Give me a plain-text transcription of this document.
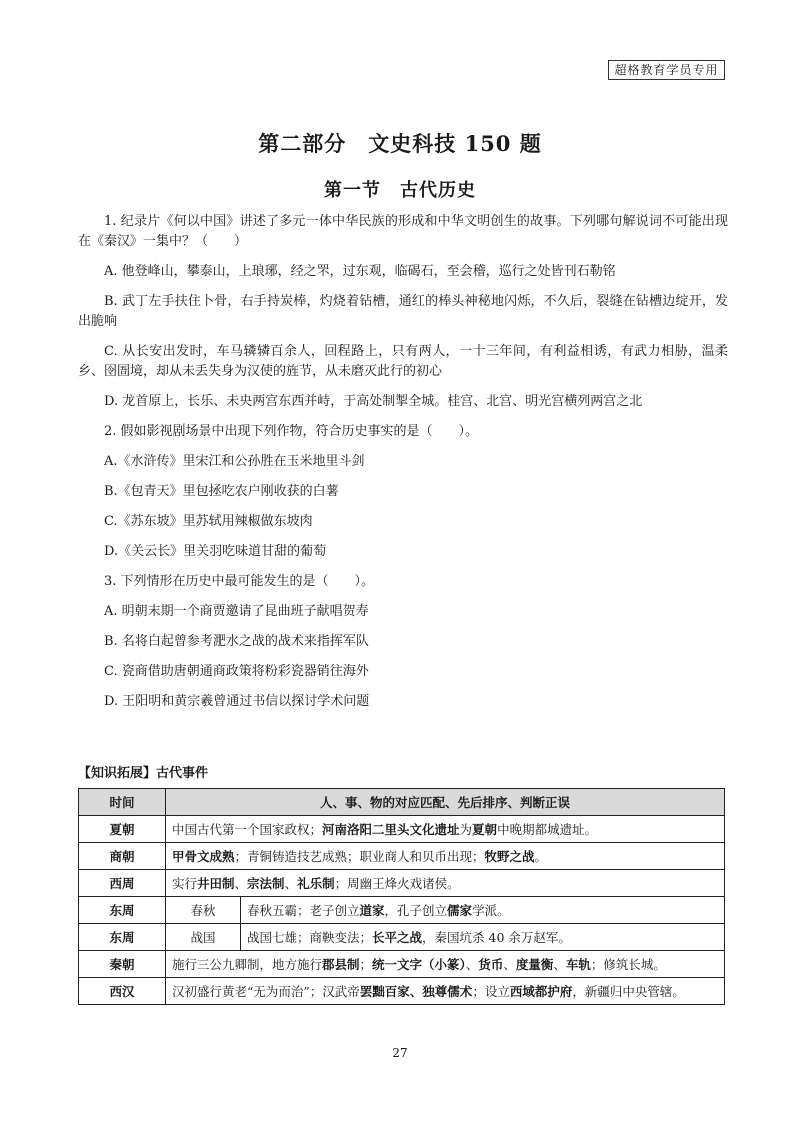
超格教育学员专用
第二部分　文史科技 150 题
第一节　古代历史

1. 纪录片《何以中国》讲述了多元一体中华民族的形成和中华文明创生的故事。下列哪句解说词不可能出现在《秦汉》一集中？（　　）

A. 他登峰山，攀泰山，上琅琊，经之罘，过东观，临碣石，至会稽，巡行之处皆刊石勒铭

B. 武丁左手扶住卜骨，右手持炭棒，灼烧着钻槽，通红的棒头神秘地闪烁，不久后，裂缝在钻槽边绽开，发出脆响

C. 从长安出发时，车马辚辚百余人，回程路上，只有两人，一十三年间，有利益相诱，有武力相胁，温柔乡、囹圄境，却从未丢失身为汉使的旌节，从未磨灭此行的初心

D. 龙首原上，长乐、未央两宫东西并峙，于高处制掣全城。桂宫、北宫、明光宫横列两宫之北

2. 假如影视剧场景中出现下列作物，符合历史事实的是（　　）。

A.《水浒传》里宋江和公孙胜在玉米地里斗剑

B.《包青天》里包拯吃农户刚收获的白薯

C.《苏东坡》里苏轼用辣椒做东坡肉

D.《关云长》里关羽吃味道甘甜的葡萄

3. 下列情形在历史中最可能发生的是（　　）。

A. 明朝末期一个商贾邀请了昆曲班子献唱贺寿

B. 名将白起曾参考淝水之战的战术来指挥军队

C. 瓷商借助唐朝通商政策将粉彩瓷器销往海外

D. 王阳明和黄宗羲曾通过书信以探讨学术问题

【知识拓展】古代事件
时间	人、事、物的对应匹配、先后排序、判断正误	
夏朝	中国古代第一个国家政权；河南洛阳二里头文化遗址为夏朝中晚期都城遗址。	
商朝	甲骨文成熟；青铜铸造技艺成熟；职业商人和贝币出现；牧野之战。	
西周	实行井田制、宗法制、礼乐制；周幽王烽火戏诸侯。	
东周	春秋	春秋五霸；老子创立道家，孔子创立儒家学派。
东周	战国	战国七雄；商鞅变法；长平之战，秦国坑杀 40 余万赵军。
秦朝	施行三公九卿制，地方施行郡县制；统一文字（小篆）、货币、度量衡、车轨；修筑长城。	
西汉	汉初盛行黄老“无为而治”；汉武帝罢黜百家、独尊儒术；设立西域都护府，新疆归中央管辖。	
27
